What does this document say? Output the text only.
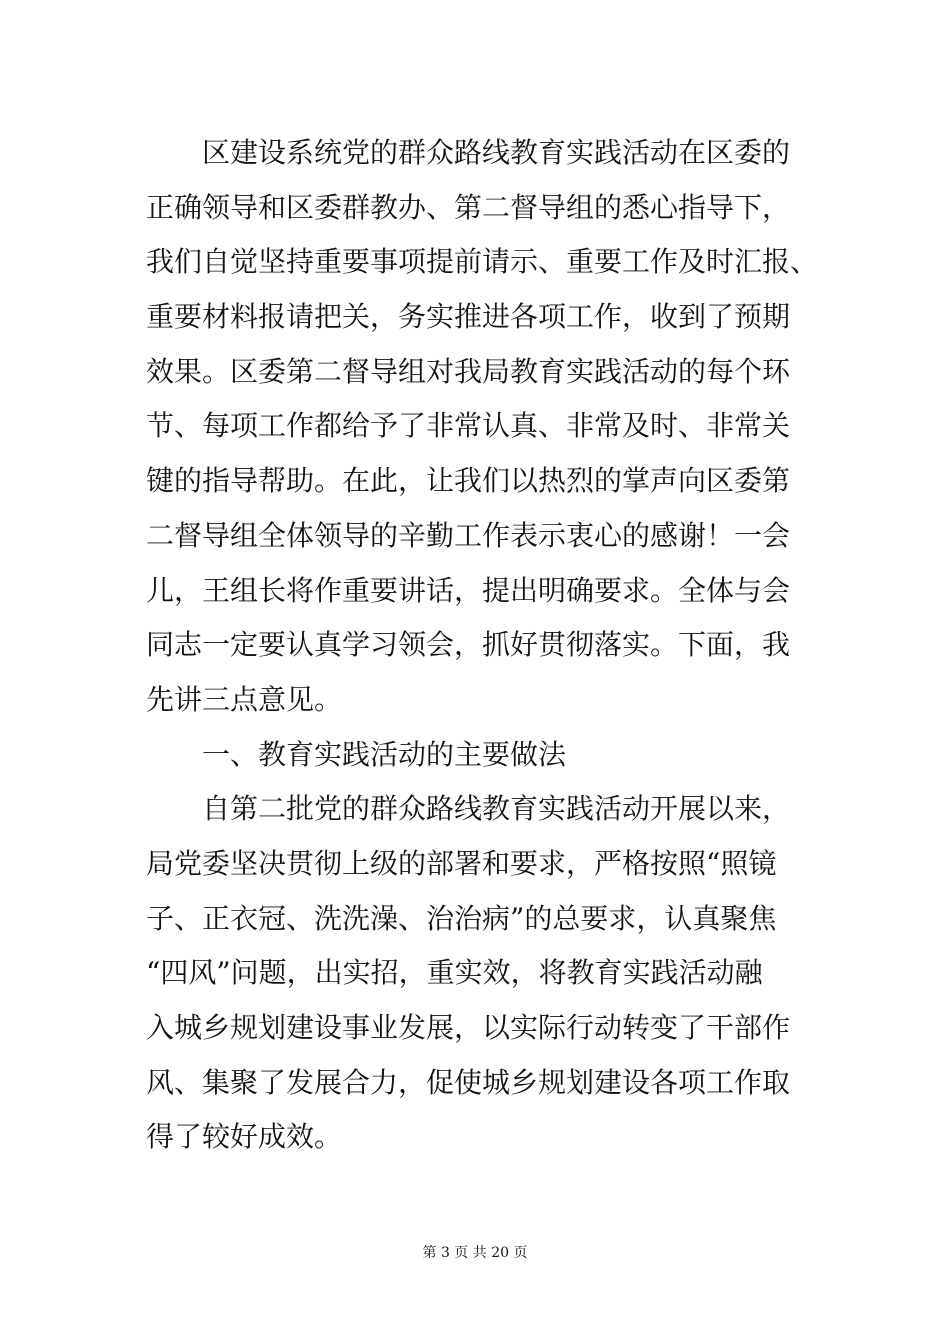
区建设系统党的群众路线教育实践活动在区委的
正确领导和区委群教办、第二督导组的悉心指导下，
我们自觉坚持重要事项提前请示、重要工作及时汇报、
重要材料报请把关，务实推进各项工作，收到了预期
效果。区委第二督导组对我局教育实践活动的每个环
节、每项工作都给予了非常认真、非常及时、非常关
键的指导帮助。在此，让我们以热烈的掌声向区委第
二督导组全体领导的辛勤工作表示衷心的感谢！一会
儿，王组长将作重要讲话，提出明确要求。全体与会
同志一定要认真学习领会，抓好贯彻落实。下面，我
先讲三点意见。
一、教育实践活动的主要做法
自第二批党的群众路线教育实践活动开展以来，
局党委坚决贯彻上级的部署和要求，严格按照“照镜
子、正衣冠、洗洗澡、治治病”的总要求，认真聚焦
“四风”问题，出实招，重实效，将教育实践活动融
入城乡规划建设事业发展，以实际行动转变了干部作
风、集聚了发展合力，促使城乡规划建设各项工作取
得了较好成效。
第 3 页 共 20 页
